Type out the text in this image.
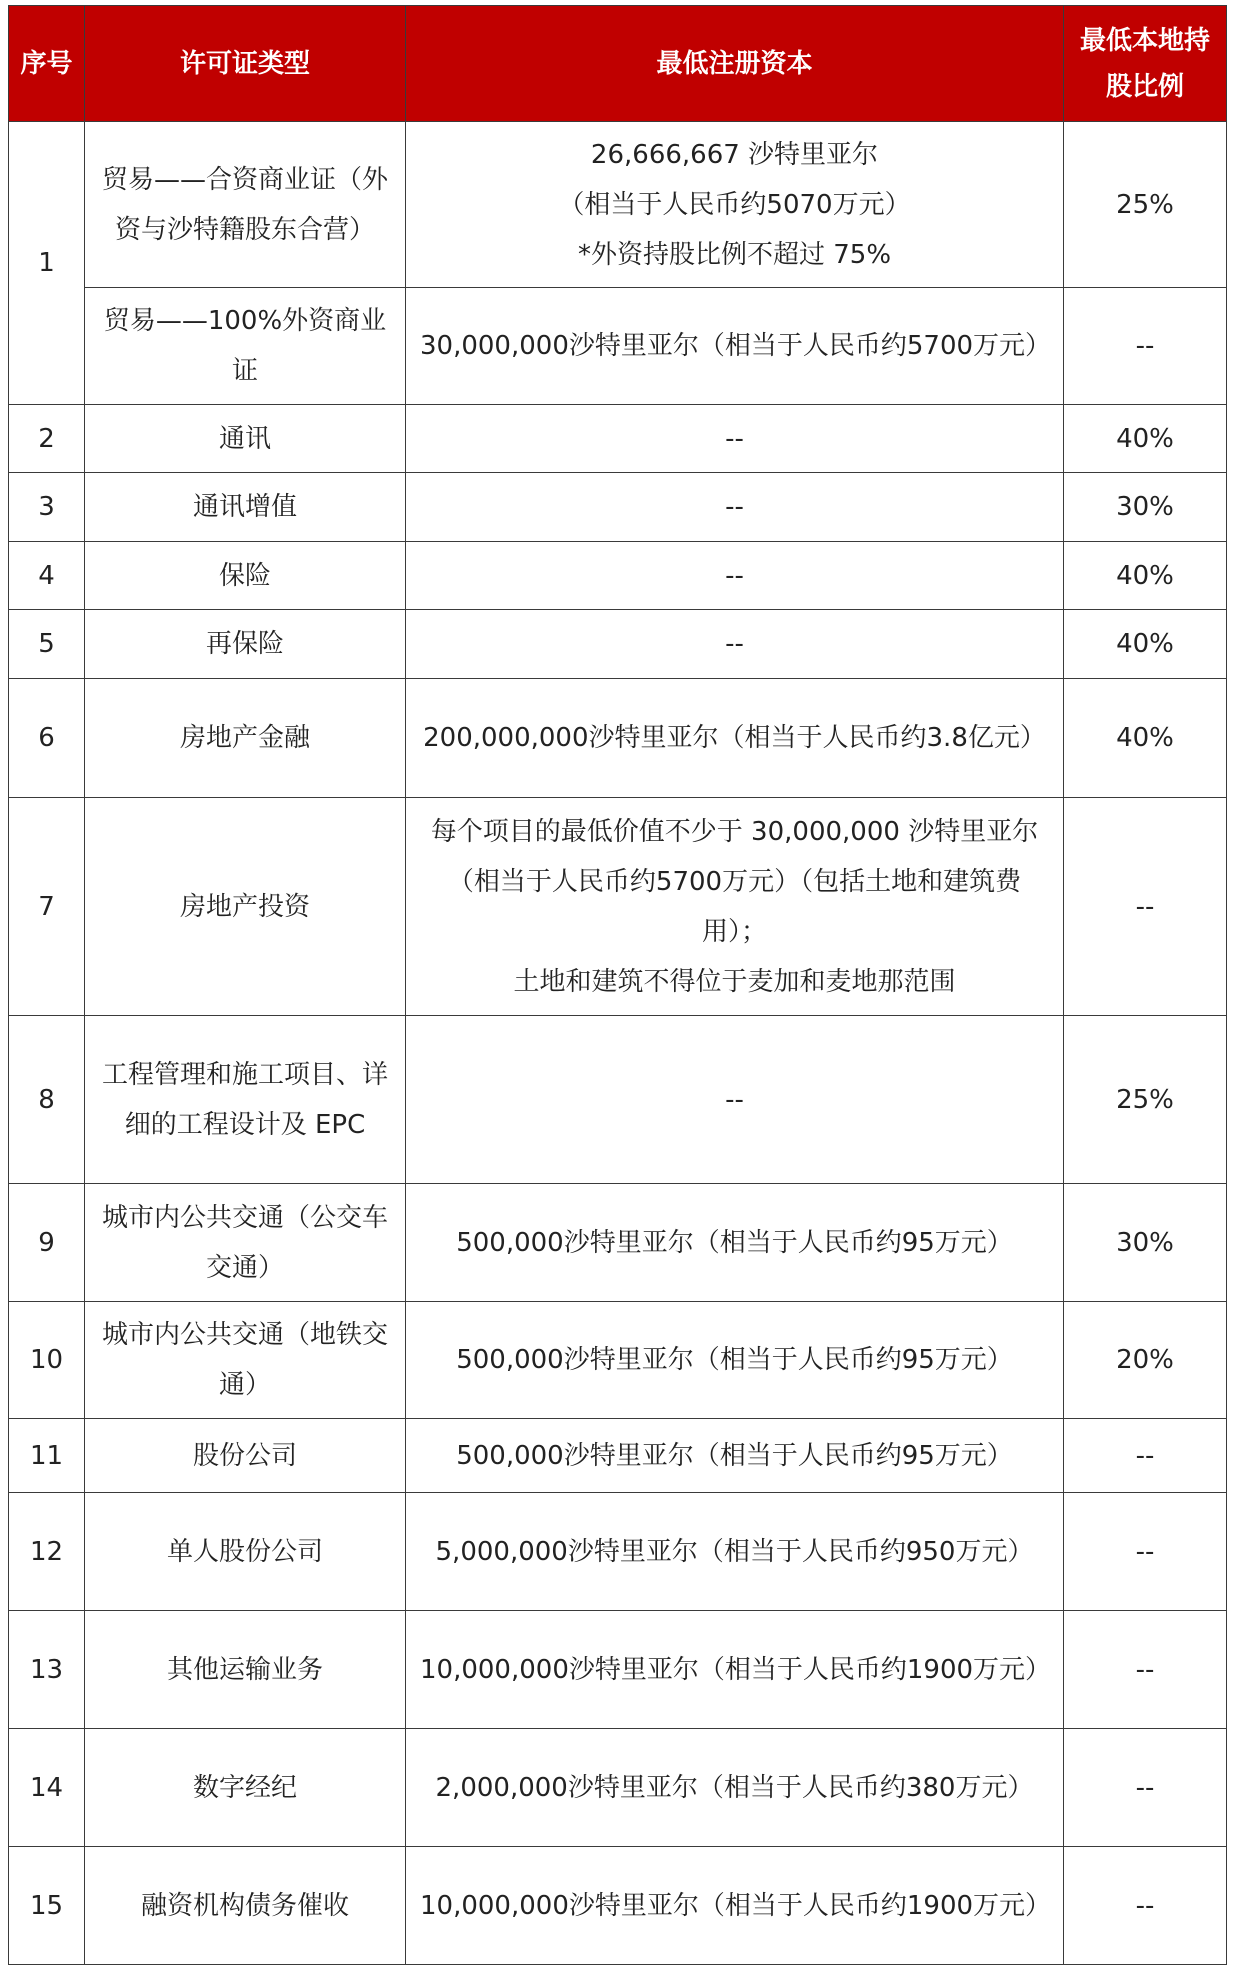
序号	许可证类型	最低注册资本	最低本地持股比例
1	贸易——合资商业证（外资与沙特籍股东合营）	26,666,667 沙特里亚尔
（相当于人民币约5070万元）
*外资持股比例不超过 75%	25%
	贸易——100%外资商业证	30,000,000沙特里亚尔（相当于人民币约5700万元）	--
2	通讯	--	40%
3	通讯增值	--	30%
4	保险	--	40%
5	再保险	--	40%
6	房地产金融	200,000,000沙特里亚尔（相当于人民币约3.8亿元）	40%
7	房地产投资	每个项目的最低价值不少于 30,000,000 沙特里亚尔（相当于人民币约5700万元）（包括土地和建筑费用）；
土地和建筑不得位于麦加和麦地那范围	--
8	工程管理和施工项目、详细的工程设计及 EPC	--	25%
9	城市内公共交通（公交车交通）	500,000沙特里亚尔（相当于人民币约95万元）	30%
10	城市内公共交通（地铁交通）	500,000沙特里亚尔（相当于人民币约95万元）	20%
11	股份公司	500,000沙特里亚尔（相当于人民币约95万元）	--
12	单人股份公司	5,000,000沙特里亚尔（相当于人民币约950万元）	--
13	其他运输业务	10,000,000沙特里亚尔（相当于人民币约1900万元）	--
14	数字经纪	2,000,000沙特里亚尔（相当于人民币约380万元）	--
15	融资机构债务催收	10,000,000沙特里亚尔（相当于人民币约1900万元）	--
